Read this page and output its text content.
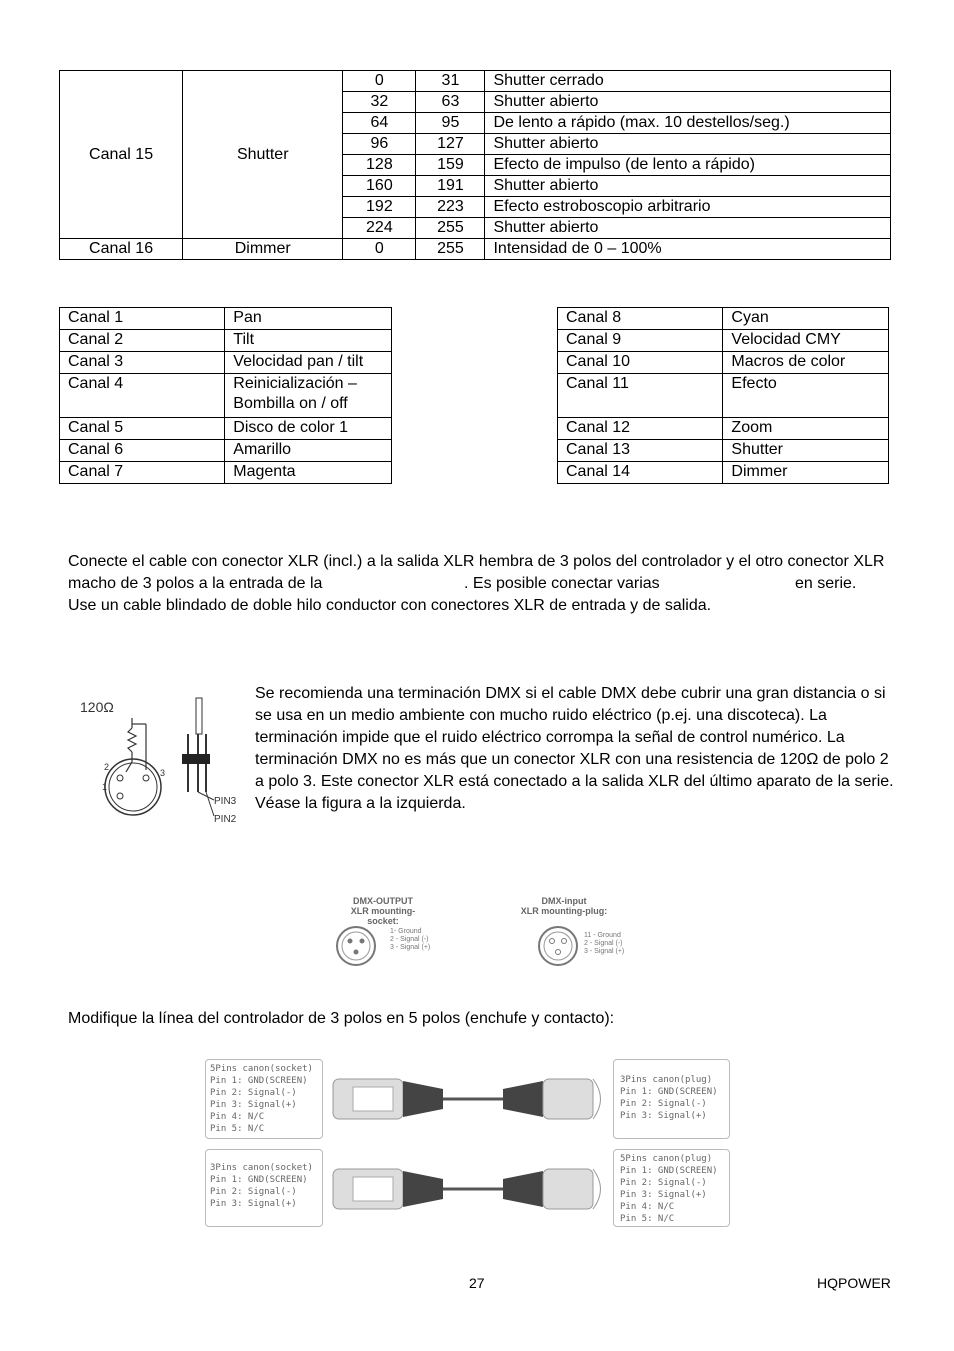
Canal 15	Shutter	0	31	Shutter cerrado
		32	63	Shutter abierto
		64	95	De lento a rápido (max. 10 destellos/seg.)
		96	127	Shutter abierto
		128	159	Efecto de impulso (de lento a rápido)
		160	191	Shutter abierto
		192	223	Efecto estroboscopio arbitrario
		224	255	Shutter abierto
Canal 16	Dimmer	0	255	Intensidad de 0 – 100%
Canal 1	Pan
Canal 2	Tilt
Canal 3	Velocidad pan / tilt
Canal 4	Reinicialización –
Bombilla on / off

Canal 5	Disco de color 1
Canal 6	Amarillo
Canal 7	Magenta
Canal 8	Cyan
Canal 9	Velocidad CMY
Canal 10	Macros de color
Canal 11	Efecto
Canal 12	Zoom
Canal 13	Shutter
Canal 14	Dimmer
Conecte el cable con conector XLR (incl.) a la salida XLR hembra de 3 polos del controlador y el otro conector XLR
macho de 3 polos a la entrada de la	. Es posible conectar varias	en serie.
Use un cable blindado de doble hilo conductor con conectores XLR de entrada y de salida.
120Ω
2
3
1
PIN3
PIN2
Se recomienda una terminación DMX si el cable DMX debe cubrir una gran distancia o si
se usa en un medio ambiente con mucho ruido eléctrico (p.ej. una discoteca). La
terminación impide que el ruido eléctrico corrompa la señal de control numérico. La
terminación DMX no es más que un conector XLR con una resistencia de 120Ω de polo 2
a polo 3. Este conector XLR está conectado a la salida XLR del último aparato de la serie.
Véase la figura a la izquierda.
DMX-OUTPUT
XLR mounting-socket:
1- Ground
2 - Signal (-)
3 - Signal (+)
DMX-input
XLR mounting-plug:
11 - Ground
2 - Signal (-)
3 - Signal (+)
Modifique la línea del controlador de 3 polos en 5 polos (enchufe y contacto):
5Pins canon(socket)
Pin 1: GND(SCREEN)
Pin 2: Signal(-)
Pin 3: Signal(+)
Pin 4: N/C
Pin 5: N/C
3Pins canon(plug)
Pin 1: GND(SCREEN)
Pin 2: Signal(-)
Pin 3: Signal(+)
3Pins canon(socket)
Pin 1: GND(SCREEN)
Pin 2: Signal(-)
Pin 3: Signal(+)
5Pins canon(plug)
Pin 1: GND(SCREEN)
Pin 2: Signal(-)
Pin 3: Signal(+)
Pin 4: N/C
Pin 5: N/C
27	HQPOWER
